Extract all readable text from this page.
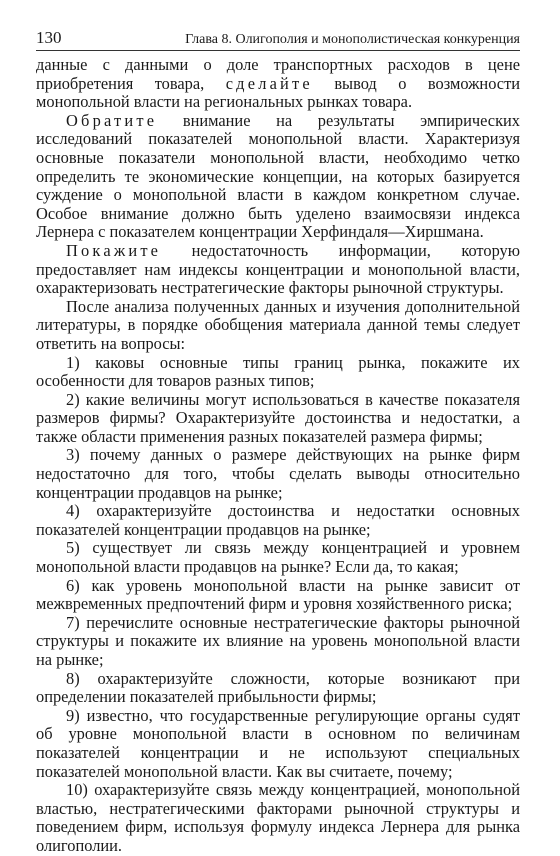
130	Глава 8. Олигополия и монополистическая конкуренция

данные с данными о доле транспортных расходов в цене приобретения товара, сделайте вывод о возможности монопольной власти на региональных рынках товара.

Обратите внимание на результаты эмпирических исследований показателей монопольной власти. Характеризуя основные показатели монопольной власти, необходимо четко определить те экономические концепции, на которых базируется суждение о монопольной власти в каждом конкретном случае. Особое внимание должно быть уделено взаимосвязи индекса Лернера с показателем концентрации Херфиндаля—Хиршмана.

Покажите недостаточность информации, которую предоставляет нам индексы концентрации и монопольной власти, охарактеризовать нестратегические факторы рыночной структуры.

После анализа полученных данных и изучения дополнительной литературы, в порядке обобщения материала данной темы следует ответить на вопросы:

1) каковы основные типы границ рынка, покажите их особенности для товаров разных типов;

2) какие величины могут использоваться в качестве показателя размеров фирмы? Охарактеризуйте достоинства и недостатки, а также области применения разных показателей размера фирмы;

3) почему данных о размере действующих на рынке фирм недостаточно для того, чтобы сделать выводы относительно концентрации продавцов на рынке;

4) охарактеризуйте достоинства и недостатки основных показателей концентрации продавцов на рынке;

5) существует ли связь между концентрацией и уровнем монопольной власти продавцов на рынке? Если да, то какая;

6) как уровень монопольной власти на рынке зависит от межвременных предпочтений фирм и уровня хозяйственного риска;

7) перечислите основные нестратегические факторы рыночной структуры и покажите их влияние на уровень монопольной власти на рынке;

8) охарактеризуйте сложности, которые возникают при определении показателей прибыльности фирмы;

9) известно, что государственные регулирующие органы судят об уровне монопольной власти в основном по величинам показателей концентрации и не используют специальных показателей монопольной власти. Как вы считаете, почему;

10) охарактеризуйте связь между концентрацией, монопольной властью, нестратегическими факторами рыночной структуры и поведением фирм, используя формулу индекса Лернера для рынка олигополии.
